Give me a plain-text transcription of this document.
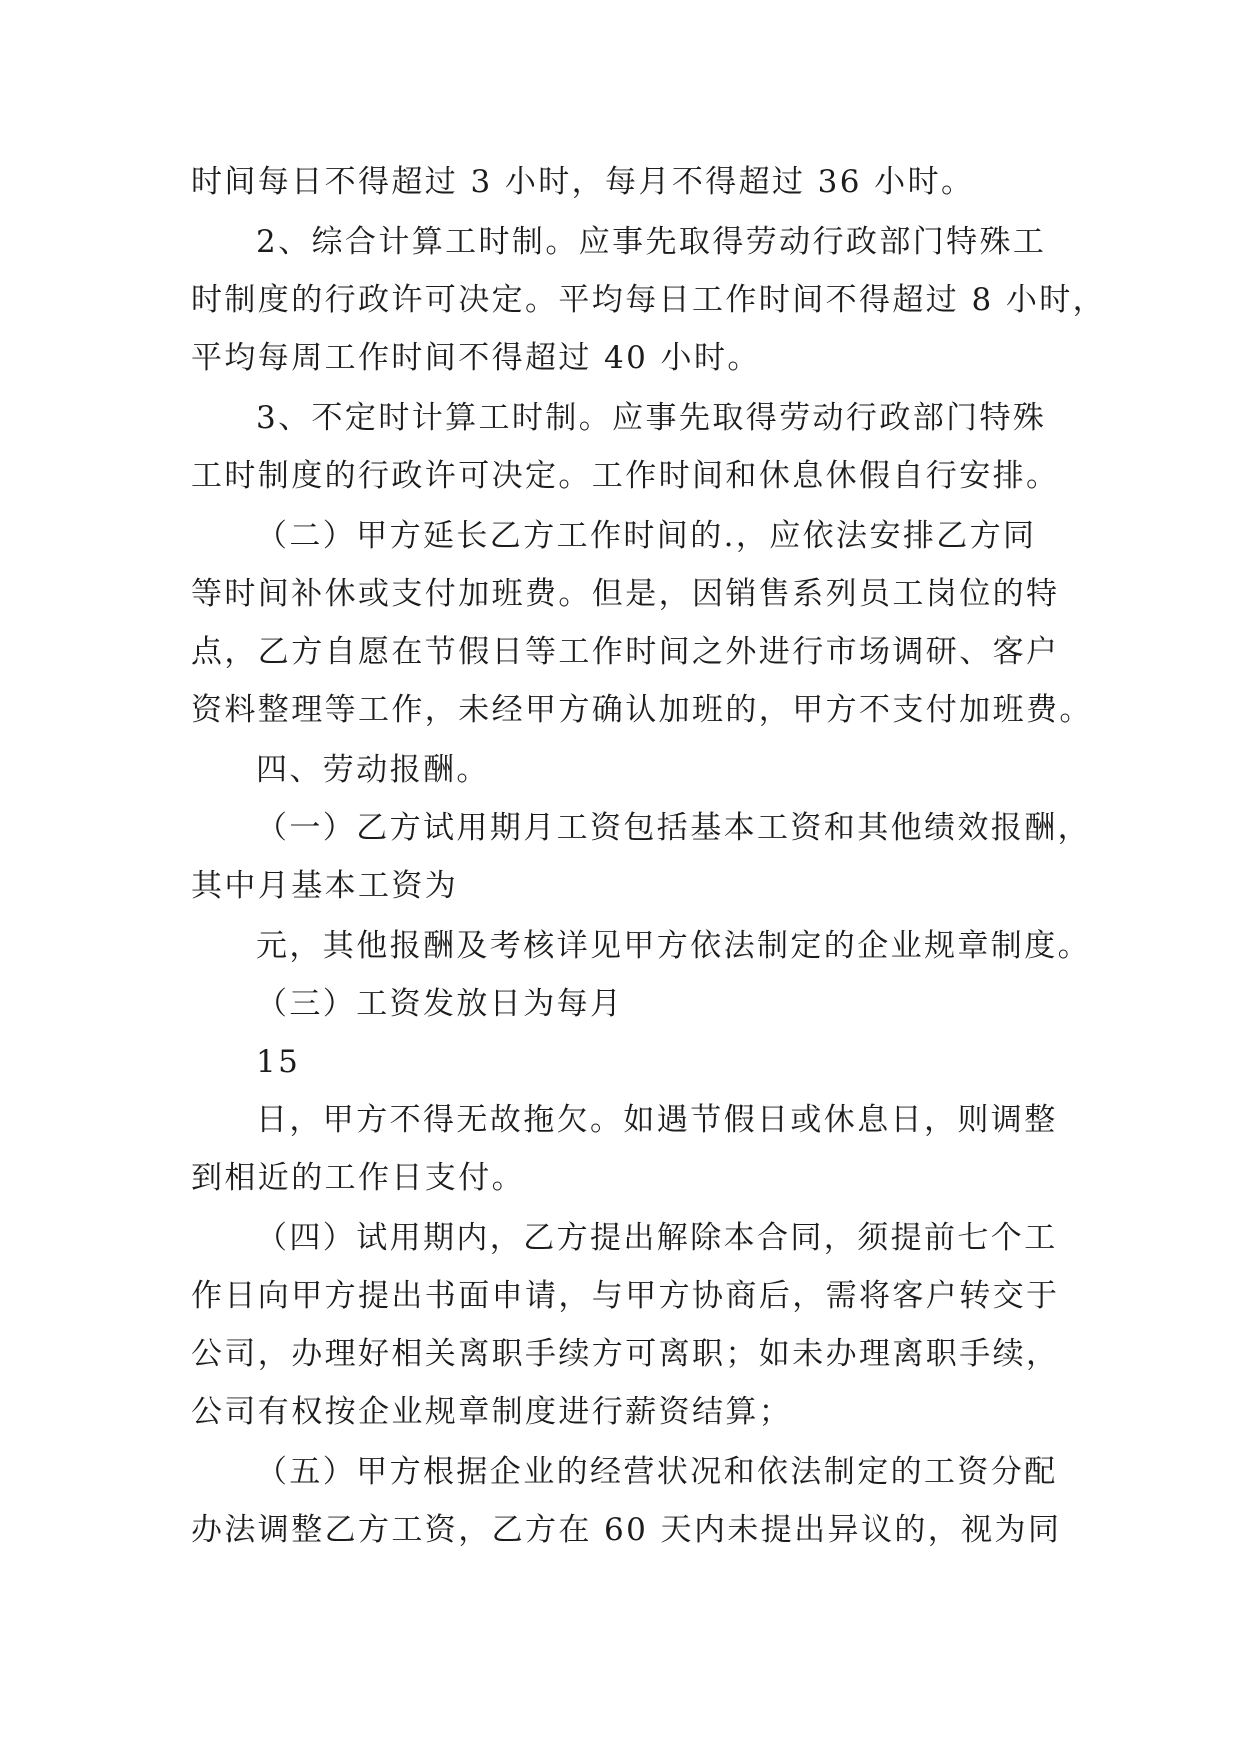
时间每日不得超过 3 小时，每月不得超过 36 小时。
2、综合计算工时制。应事先取得劳动行政部门特殊工
时制度的行政许可决定。平均每日工作时间不得超过 8 小时，
平均每周工作时间不得超过 40 小时。
3、不定时计算工时制。应事先取得劳动行政部门特殊
工时制度的行政许可决定。工作时间和休息休假自行安排。
（二）甲方延长乙方工作时间的.，应依法安排乙方同
等时间补休或支付加班费。但是，因销售系列员工岗位的特
点，乙方自愿在节假日等工作时间之外进行市场调研、客户
资料整理等工作，未经甲方确认加班的，甲方不支付加班费。
四、劳动报酬。
（一）乙方试用期月工资包括基本工资和其他绩效报酬，
其中月基本工资为
元，其他报酬及考核详见甲方依法制定的企业规章制度。
（三）工资发放日为每月
15
日，甲方不得无故拖欠。如遇节假日或休息日，则调整
到相近的工作日支付。
（四）试用期内，乙方提出解除本合同，须提前七个工
作日向甲方提出书面申请，与甲方协商后，需将客户转交于
公司，办理好相关离职手续方可离职；如未办理离职手续，
公司有权按企业规章制度进行薪资结算；
（五）甲方根据企业的经营状况和依法制定的工资分配
办法调整乙方工资，乙方在 60 天内未提出异议的，视为同
